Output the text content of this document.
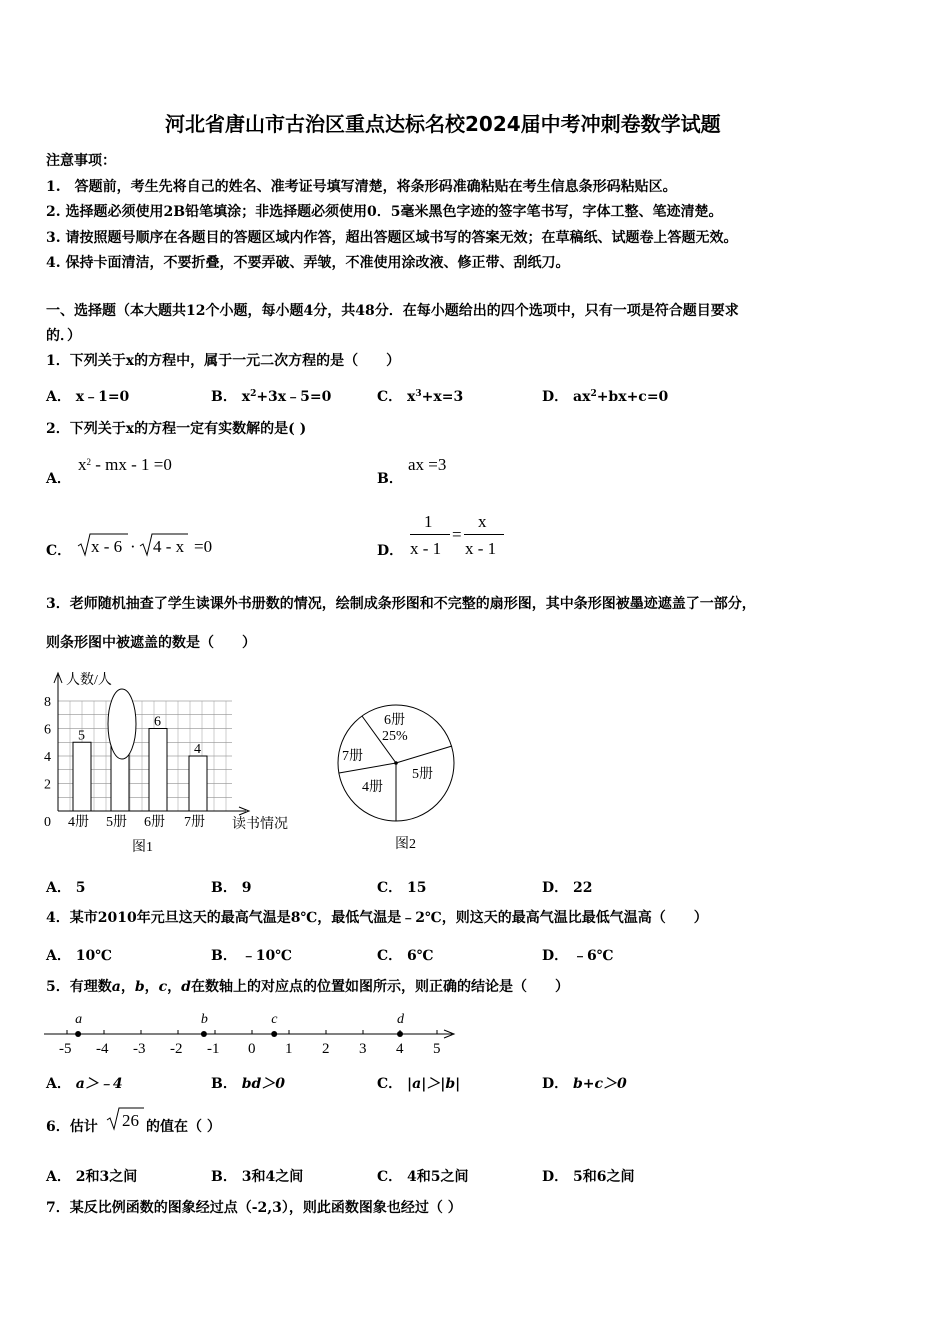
河北省唐山市古治区重点达标名校2024届中考冲刺卷数学试题
注意事项：
1.　答题前，考生先将自己的姓名、准考证号填写清楚，将条形码准确粘贴在考生信息条形码粘贴区。
2. 选择题必须使用2B铅笔填涂；非选择题必须使用0．5毫米黑色字迹的签字笔书写，字体工整、笔迹清楚。
3. 请按照题号顺序在各题目的答题区域内作答，超出答题区域书写的答案无效；在草稿纸、试题卷上答题无效。
4. 保持卡面清洁，不要折叠，不要弄破、弄皱，不准使用涂改液、修正带、刮纸刀。
一、选择题（本大题共12个小题，每小题4分，共48分．在每小题给出的四个选项中，只有一项是符合题目要求
的．）
1．下列关于x的方程中，属于一元二次方程的是（　　）
A． x﹣1=0	B． $x^2+3x﹣5=0$	C． $x^3+x=3$	D． $ax^2+bx+c=0$
2．下列关于x的方程一定有实数解的是( )
A．
$x^2$ - mx - 1 =0
B．
ax =3
C． x - 6 · 4 - x =0	D．
1
x - 1
=
x
x - 1
3．老师随机抽查了学生读课外书册数的情况，绘制成条形图和不完整的扇形图，其中条形图被墨迹遮盖了一部分，
则条形图中被遮盖的数是（　　）
0
2
4
6
8
5
4册 5册
6
6册
4
7册
人数/人
读书情况
图1
6册
25%
7册
4册
5册
图2
A． 5	B． 9	C． 15	D． 22
4．某市2010年元旦这天的最高气温是8℃，最低气温是﹣2℃，则这天的最高气温比最低气温高（　　）
A． 10℃	B． ﹣10℃	C． 6℃	D． ﹣6℃
5．有理数a，b，c，d在数轴上的对应点的位置如图所示，则正确的结论是（　　）
-5 -4 -3 -2 -1 0 1 2 3 4 5
a	b	c	d
A． a＞﹣4	B． bd＞0	C． |a|＞|b|	D． b+c＞0
6．估计 26 的值在（ ）
A． 2和3之间	B． 3和4之间	C． 4和5之间	D． 5和6之间
7．某反比例函数的图象经过点（-2,3），则此函数图象也经过（ ）
